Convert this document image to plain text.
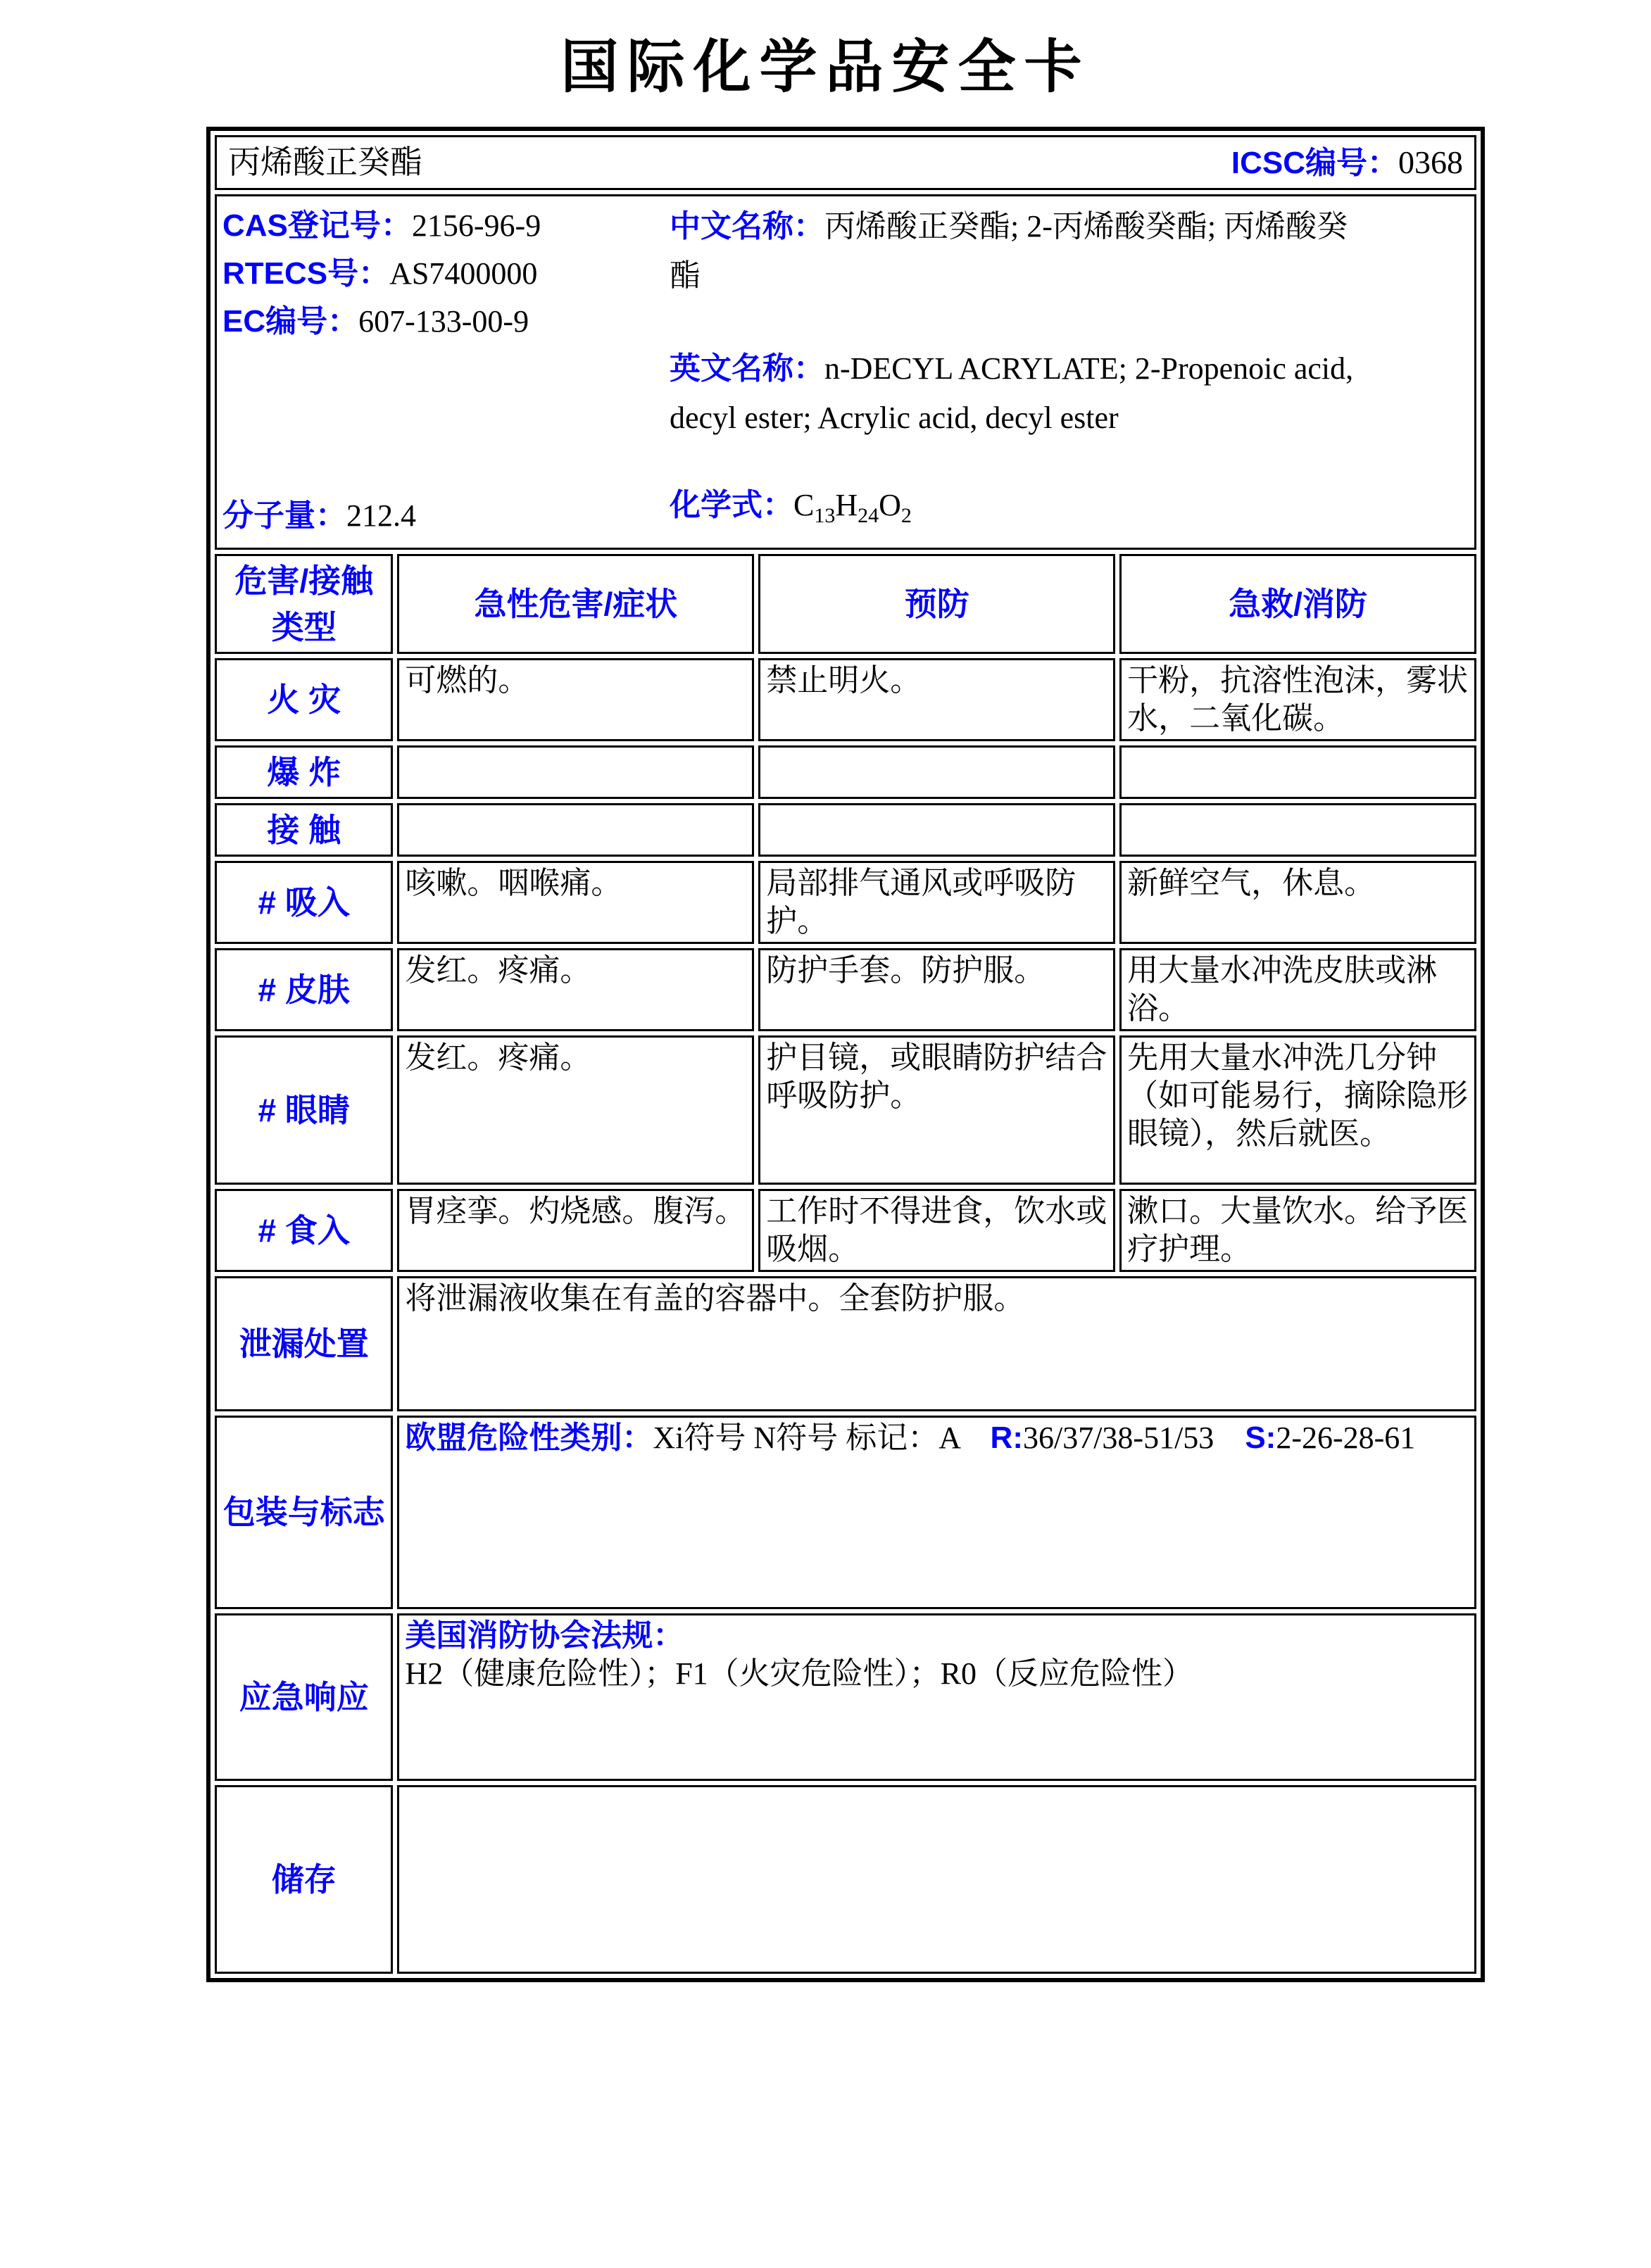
国际化学品安全卡
丙烯酸正癸酯 ICSC编号：0368			

CAS登记号：2156-96-9
RTECS号：AS7400000
EC编号：607-133-00-9

中文名称：丙烯酸正癸酯; 2-丙烯酸癸酯; 丙烯酸癸酯

英文名称：n-DECYL ACRYLATE; 2-Propenoic acid, decyl ester; Acrylic acid, decyl ester

分子量：212.4	化学式：$C_{13}H_{24}O_2$

危害/接触类型	急性危害/症状	预防	急救/消防
火 灾	可燃的。	禁止明火。	干粉，抗溶性泡沫，雾状水，二氧化碳。
爆 炸			
接 触			
# 吸入	咳嗽。咽喉痛。	局部排气通风或呼吸防护。	新鲜空气，休息。
# 皮肤	发红。疼痛。	防护手套。防护服。	用大量水冲洗皮肤或淋浴。
# 眼睛	发红。疼痛。	护目镜，或眼睛防护结合呼吸防护。	先用大量水冲洗几分钟（如可能易行，摘除隐形眼镜），然后就医。
# 食入	胃痉挛。灼烧感。腹泻。	工作时不得进食，饮水或吸烟。	漱口。大量饮水。给予医疗护理。
泄漏处置	将泄漏液收集在有盖的容器中。全套防护服。		
包装与标志	欧盟危险性类别：Xi符号 N符号 标记：A    R:36/37/38-51/53    S:2-26-28-61		
应急响应	美国消防协会法规：H2（健康危险性）；F1（火灾危险性）；R0（反应危险性）		
储存			
